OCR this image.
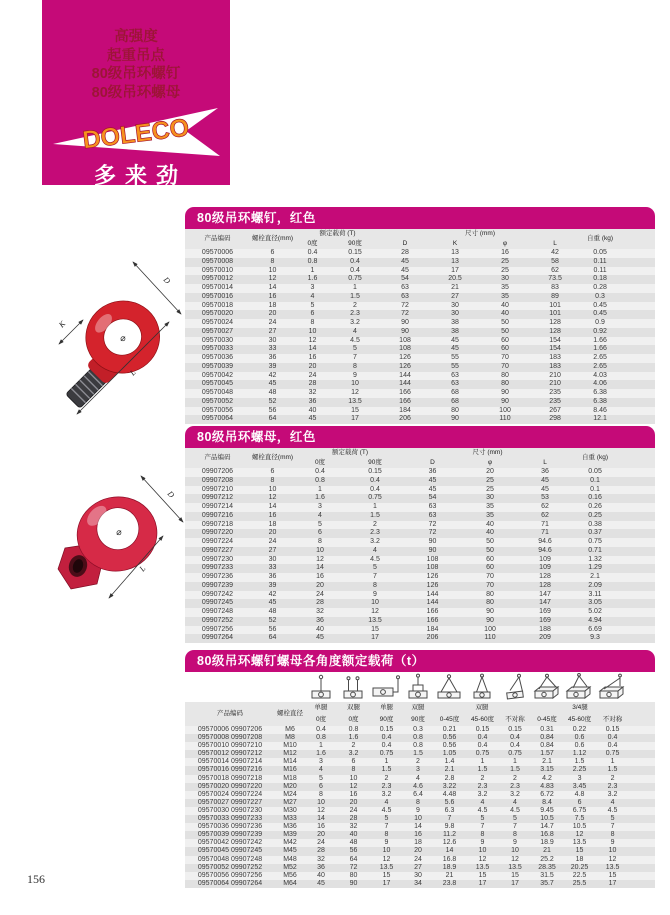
高强度
起重吊点
80级吊环螺钉
80级吊环螺母
DOLECO
多来劲
D
⌀
K
L
D
⌀
L
80级吊环螺钉，红色
产品编码	螺栓直径(mm)	额定载荷 (T)		尺寸 (mm)				自重 (kg)	
		0度	90度	D	K	φ	L		
09570006	6	0.4	0.15	28	13	16	42	0.05	
09570008	8	0.8	0.4	45	13	25	58	0.11	
09570010	10	1	0.4	45	17	25	62	0.11	
09570012	12	1.6	0.75	54	20.5	30	73.5	0.18	
09570014	14	3	1	63	21	35	83	0.28	
09570016	16	4	1.5	63	27	35	89	0.3	
09570018	18	5	2	72	30	40	101	0.45	
09570020	20	6	2.3	72	30	40	101	0.45	
09570024	24	8	3.2	90	38	50	128	0.9	
09570027	27	10	4	90	38	50	128	0.92	
09570030	30	12	4.5	108	45	60	154	1.66	
09570033	33	14	5	108	45	60	154	1.66	
09570036	36	16	7	126	55	70	183	2.65	
09570039	39	20	8	126	55	70	183	2.65	
09570042	42	24	9	144	63	80	210	4.03	
09570045	45	28	10	144	63	80	210	4.06	
09570048	48	32	12	166	68	90	235	6.38	
09570052	52	36	13.5	166	68	90	235	6.38	
09570056	56	40	15	184	80	100	267	8.46	
09570064	64	45	17	206	90	110	298	12.1	
80级吊环螺母，红色
产品编码	螺栓直径(mm)	额定载荷 (T)		尺寸 (mm)			自重 (kg)	
		0度	90度	D	φ	L		
09907206	6	0.4	0.15	36	20	36	0.05	
09907208	8	0.8	0.4	45	25	45	0.1	
09907210	10	1	0.4	45	25	45	0.1	
09907212	12	1.6	0.75	54	30	53	0.16	
09907214	14	3	1	63	35	62	0.26	
09907216	16	4	1.5	63	35	62	0.25	
09907218	18	5	2	72	40	71	0.38	
09907220	20	6	2.3	72	40	71	0.37	
09907224	24	8	3.2	90	50	94.6	0.75	
09907227	27	10	4	90	50	94.6	0.71	
09907230	30	12	4.5	108	60	109	1.32	
09907233	33	14	5	108	60	109	1.29	
09907236	36	16	7	126	70	128	2.1	
09907239	39	20	8	126	70	128	2.09	
09907242	42	24	9	144	80	147	3.11	
09907245	45	28	10	144	80	147	3.05	
09907248	48	32	12	166	90	169	5.02	
09907252	52	36	13.5	166	90	169	4.94	
09907256	56	40	15	184	100	188	6.69	
09907264	64	45	17	206	110	209	9.3	
80级吊环螺钉螺母各角度额定载荷（t）
产品编码	螺栓直径	单腿	双腿	单腿	双腿	双腿			3/4腿			
		0度	0度	90度	90度	0-45度	45-60度	不对称	0-45度	45-60度	不对称	
09570006 09907206	M6	0.4	0.8	0.15	0.3	0.21	0.15	0.15	0.31	0.22	0.15	
09570008 09907208	M8	0.8	1.6	0.4	0.8	0.56	0.4	0.4	0.84	0.6	0.4	
09570010 09907210	M10	1	2	0.4	0.8	0.56	0.4	0.4	0.84	0.6	0.4	
09570012 09907212	M12	1.6	3.2	0.75	1.5	1.05	0.75	0.75	1.57	1.12	0.75	
09570014 09907214	M14	3	6	1	2	1.4	1	1	2.1	1.5	1	
09570016 09907216	M16	4	8	1.5	3	2.1	1.5	1.5	3.15	2.25	1.5	
09570018 09907218	M18	5	10	2	4	2.8	2	2	4.2	3	2	
09570020 09907220	M20	6	12	2.3	4.6	3.22	2.3	2.3	4.83	3.45	2.3	
09570024 09907224	M24	8	16	3.2	6.4	4.48	3.2	3.2	6.72	4.8	3.2	
09570027 09907227	M27	10	20	4	8	5.6	4	4	8.4	6	4	
09570030 09907230	M30	12	24	4.5	9	6.3	4.5	4.5	9.45	6.75	4.5	
09570033 09907233	M33	14	28	5	10	7	5	5	10.5	7.5	5	
09570036 09907236	M36	16	32	7	14	9.8	7	7	14.7	10.5	7	
09570039 09907239	M39	20	40	8	16	11.2	8	8	16.8	12	8	
09570042 09907242	M42	24	48	9	18	12.6	9	9	18.9	13.5	9	
09570045 09907245	M45	28	56	10	20	14	10	10	21	15	10	
09570048 09907248	M48	32	64	12	24	16.8	12	12	25.2	18	12	
09570052 09907252	M52	36	72	13.5	27	18.9	13.5	13.5	28.35	20.25	13.5	
09570056 09907256	M56	40	80	15	30	21	15	15	31.5	22.5	15	
09570064 09907264	M64	45	90	17	34	23.8	17	17	35.7	25.5	17	
156
